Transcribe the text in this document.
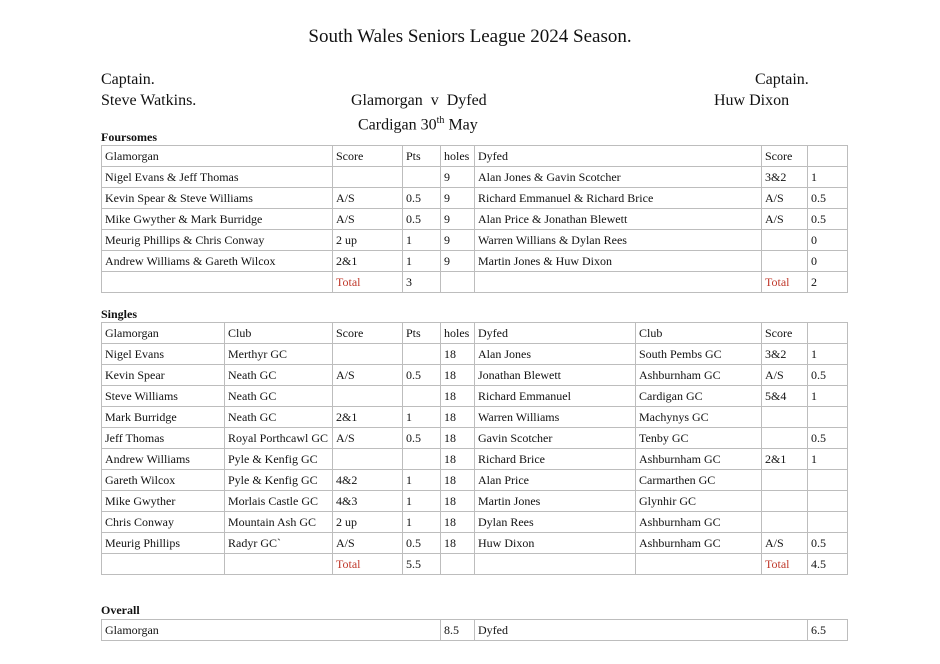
South Wales Seniors League 2024 Season.
Captain.
Steve Watkins.
Captain.
Huw Dixon
Glamorgan  v  Dyfed
Cardigan 30th May
Foursomes
Glamorgan	Score	Pts	holes	Dyfed	Score	
Nigel Evans & Jeff Thomas			9	Alan Jones & Gavin Scotcher	3&2	1
Kevin Spear & Steve Williams	A/S	0.5	9	Richard Emmanuel & Richard Brice	A/S	0.5
Mike Gwyther & Mark Burridge	A/S	0.5	9	Alan Price & Jonathan Blewett	A/S	0.5
Meurig Phillips & Chris Conway	2 up	1	9	Warren Willians & Dylan Rees		0
Andrew Williams & Gareth Wilcox	2&1	1	9	Martin Jones & Huw Dixon		0
	Total	3			Total	2
Singles
Glamorgan	Club	Score	Pts	holes	Dyfed	Club	Score	
Nigel Evans	Merthyr GC			18	Alan Jones	South Pembs GC	3&2	1
Kevin Spear	Neath GC	A/S	0.5	18	Jonathan Blewett	Ashburnham GC	A/S	0.5
Steve Williams	Neath GC			18	Richard Emmanuel	Cardigan GC	5&4	1
Mark Burridge	Neath GC	2&1	1	18	Warren Williams	Machynys GC		
Jeff Thomas	Royal Porthcawl GC	A/S	0.5	18	Gavin Scotcher	Tenby GC		0.5
Andrew Williams	Pyle & Kenfig GC			18	Richard Brice	Ashburnham GC	2&1	1
Gareth Wilcox	Pyle & Kenfig GC	4&2	1	18	Alan Price	Carmarthen GC		
Mike Gwyther	Morlais Castle GC	4&3	1	18	Martin Jones	Glynhir GC		
Chris Conway	Mountain Ash GC	2 up	1	18	Dylan Rees	Ashburnham GC		
Meurig Phillips	Radyr GC`	A/S	0.5	18	Huw Dixon	Ashburnham GC	A/S	0.5
		Total	5.5				Total	4.5
Overall
Glamorgan	8.5	Dyfed	6.5
